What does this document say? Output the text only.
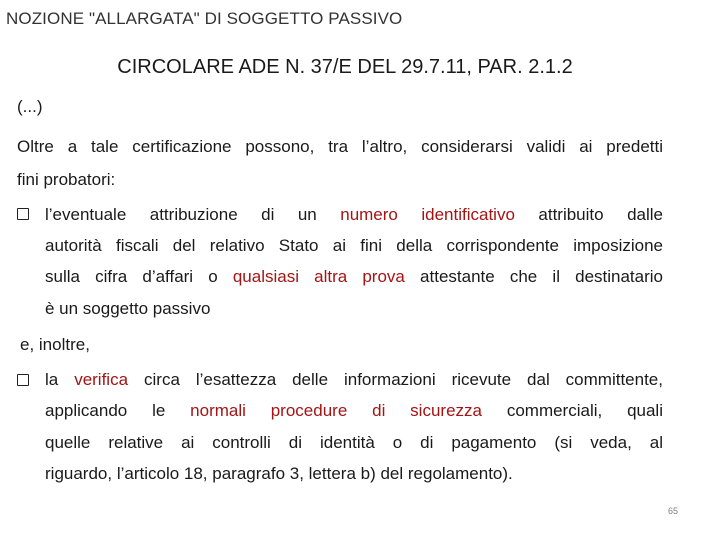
NOZIONE "ALLARGATA" DI SOGGETTO PASSIVO
CIRCOLARE ADE N. 37/E DEL 29.7.11, PAR. 2.1.2
(...)
Oltre a tale certificazione possono, tra l’altro, considerarsi validi ai predetti
fini probatori:
l’eventuale attribuzione di un numero identificativo attribuito dalle
autorità fiscali del relativo Stato ai fini della corrispondente imposizione
sulla cifra d’affari o qualsiasi altra prova attestante che il destinatario
è un soggetto passivo
e, inoltre,
la verifica circa l’esattezza delle informazioni ricevute dal committente,
applicando le normali procedure di sicurezza commerciali, quali
quelle relative ai controlli di identità o di pagamento (si veda, al
riguardo, l’articolo 18, paragrafo 3, lettera b) del regolamento).
65
